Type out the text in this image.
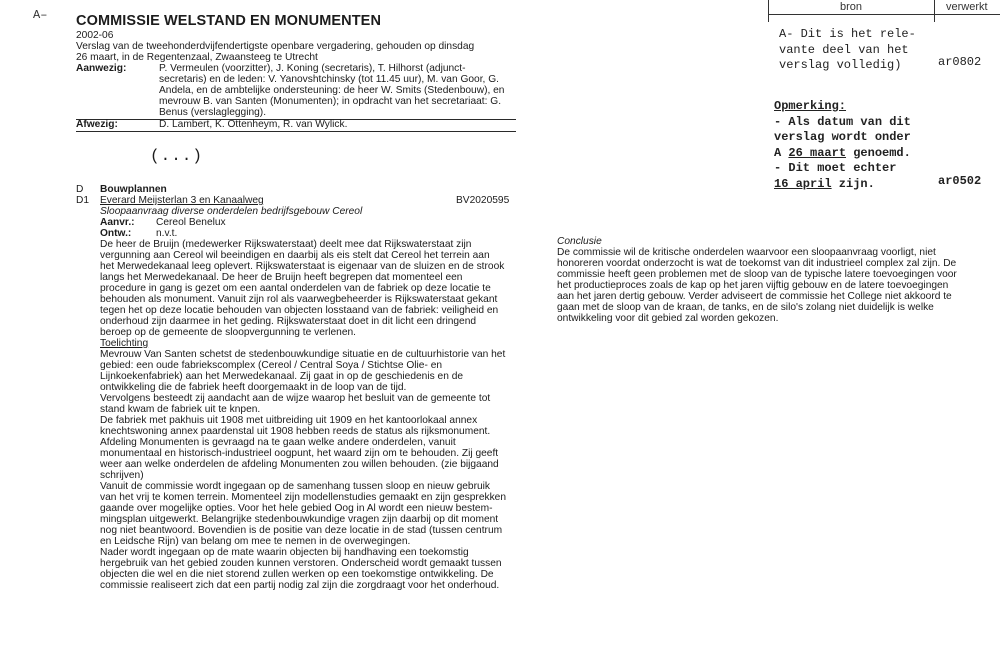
A– COMMISSIE WELSTAND EN MONUMENTEN
2002-06
Verslag van de tweehonderdvijfendertigste openbare vergadering, gehouden op dinsdag
26 maart, in de Regentenzaal, Zwaansteeg te Utrecht
Aanwezig:	P. Vermeulen (voorzitter), J. Koning (secretaris), T. Hilhorst (adjunct-
secretaris) en de leden: V. Yanovshtchinsky (tot 11.45 uur), M. van Goor, G.
Andela, en de ambtelijke ondersteuning: de heer W. Smits (Stedenbouw), en
mevrouw B. van Santen (Monumenten); in opdracht van het secretariaat: G.
Benus (verslaglegging).
Afwezig:	D. Lambert, K. Ottenheym, R. van Wylick.
(...)
D Bouwplannen
D1 Everard Meijsterlan 3 en Kanaalweg	BV2020595
Sloopaanvraag diverse onderdelen bedrijfsgebouw Cereol
Aanvr.: Cereol Benelux
Ontw.: n.v.t.

De heer de Bruijn (medewerker Rijkswaterstaat) deelt mee dat Rijkswaterstaat zijn

vergunning aan Cereol wil beeindigen en daarbij als eis stelt dat Cereol het terrein aan

het Merwedekanaal leeg oplevert. Rijkswaterstaat is eigenaar van de sluizen en de strook

langs het Merwedekanaal. De heer de Bruijn heeft begrepen dat momenteel een

procedure in gang is gezet om een aantal onderdelen van de fabriek op deze locatie te

behouden als monument. Vanuit zijn rol als vaarwegbeheerder is Rijkswaterstaat gekant

tegen het op deze locatie behouden van objecten losstaand van de fabriek: veiligheid en

onderhoud zijn daarmee in het geding. Rijkswaterstaat doet in dit licht een dringend

beroep op de gemeente de sloopvergunning te verlenen.

Toelichting

Mevrouw Van Santen schetst de stedenbouwkundige situatie en de cultuurhistorie van het

gebied: een oude fabriekscomplex (Cereol / Central Soya / Stichtse Olie- en

Lijnkoekenfabriek) aan het Merwedekanaal. Zij gaat in op de geschiedenis en de

ontwikkeling die de fabriek heeft doorgemaakt in de loop van de tijd.

Vervolgens besteedt zij aandacht aan de wijze waarop het besluit van de gemeente tot

stand kwam de fabriek uit te knpen.

De fabriek met pakhuis uit 1908 met uitbreiding uit 1909 en het kantoorlokaal annex

knechtswoning annex paardenstal uit 1908 hebben reeds de status als rijksmonument.

Afdeling Monumenten is gevraagd na te gaan welke andere onderdelen, vanuit

monumentaal en historisch-industrieel oogpunt, het waard zijn om te behouden. Zij geeft

weer aan welke onderdelen de afdeling Monumenten zou willen behouden. (zie bijgaand

schrijven)

Vanuit de commissie wordt ingegaan op de samenhang tussen sloop en nieuw gebruik

van het vrij te komen terrein. Momenteel zijn modellenstudies gemaakt en zijn gesprekken

gaande over mogelijke opties. Voor het hele gebied Oog in Al wordt een nieuw bestem-

mingsplan uitgewerkt. Belangrijke stedenbouwkundige vragen zijn daarbij op dit moment

nog niet beantwoord. Bovendien is de positie van deze locatie in de stad (tussen centrum

en Leidsche Rijn) van belang om mee te nemen in de overwegingen.

Nader wordt ingegaan op de mate waarin objecten bij handhaving een toekomstig

hergebruik van het gebied zouden kunnen verstoren. Onderscheid wordt gemaakt tussen

objecten die wel en die niet storend zullen werken op een toekomstige ontwikkeling. De

commissie realiseert zich dat een partij nodig zal zijn die zorgdraagt voor het onderhoud.

Conclusie
De commissie wil de kritische onderdelen waarvoor een sloopaanvraag voorligt, niet
honoreren voordat onderzocht is wat de toekomst van dit industrieel complex zal zijn. De
commissie heeft geen problemen met de sloop van de typische latere toevoegingen voor
het productieproces zoals de kap op het jaren vijftig gebouw en de latere toevoegingen
aan het jaren dertig gebouw. Verder adviseert de commissie het College niet akkoord te
gaan met de sloop van de kraan, de tanks, en de silo's zolang niet duidelijk is welke
ontwikkeling voor dit gebied zal worden gekozen.
bron	verwerkt
A- Dit is het rele-
vante deel van het
verslag volledig)	ar0802
Opmerking:
- Als datum van dit
verslag wordt onder
A 26 maart genoemd.
- Dit moet echter
16 april zijn.	ar0502
